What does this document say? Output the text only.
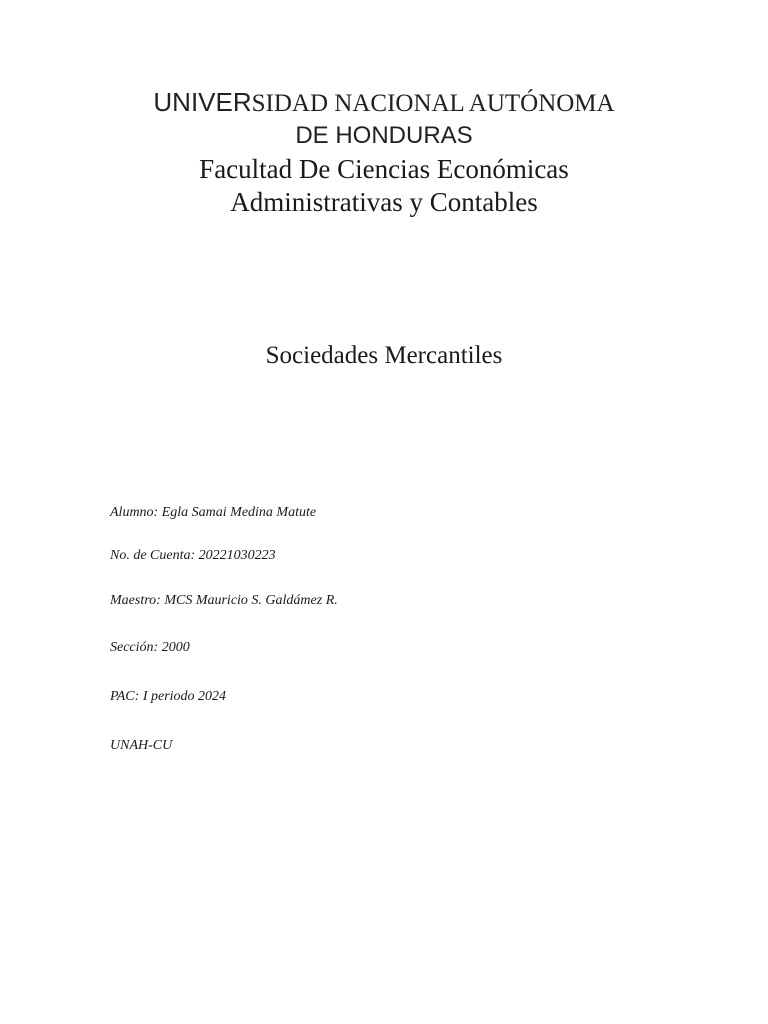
UNIVERSIDAD NACIONAL AUTÓNOMA
DE HONDURAS
Facultad De Ciencias Económicas
Administrativas y Contables
Sociedades Mercantiles
Alumno: Egla Samai Medina Matute
No. de Cuenta: 20221030223
Maestro: MCS Mauricio S. Galdámez R.
Sección: 2000
PAC: I periodo 2024
UNAH-CU
